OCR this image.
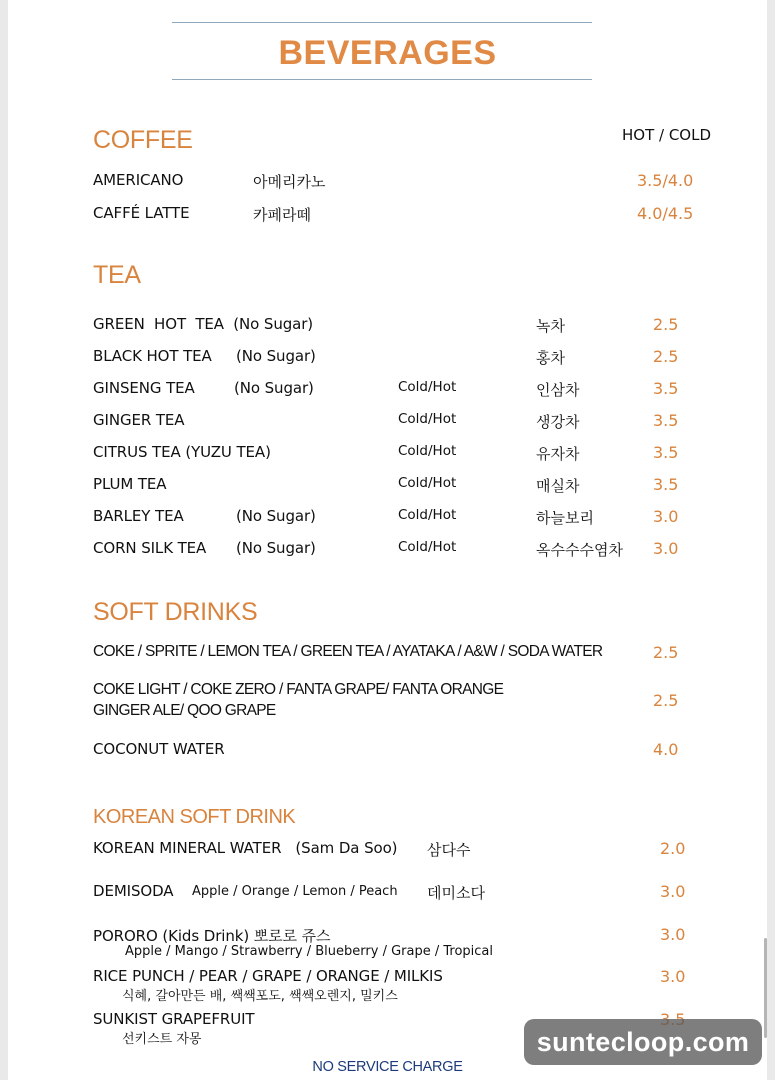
BEVERAGES
COFFEE	HOT / COLD
AMERICANO	아메리카노	3.5/4.0
CAFFÉ LATTE	카페라떼	4.0/4.5
TEA
GREEN  HOT  TEA  (No Sugar)	녹차	2.5
BLACK HOT TEA (No Sugar)	홍차	2.5
GINSENG TEA	(No Sugar)	Cold/Hot	인삼차	3.5
GINGER TEA	Cold/Hot	생강차	3.5
CITRUS TEA (YUZU TEA)	Cold/Hot	유자차	3.5
PLUM TEA	Cold/Hot	매실차	3.5
BARLEY TEA	(No Sugar)	Cold/Hot	하늘보리	3.0
CORN SILK TEA (No Sugar)	Cold/Hot	옥수수수염차 3.0
SOFT DRINKS
COKE / SPRITE / LEMON TEA / GREEN TEA / AYATAKA / A&W / SODA WATER	2.5
COKE LIGHT / COKE ZERO / FANTA GRAPE/ FANTA ORANGE
GINGER ALE/ QOO GRAPE
2.5
COCONUT WATER	4.0
KOREAN SOFT DRINK
KOREAN MINERAL WATER   (Sam Da Soo) 삼다수	2.0
DEMISODA Apple / Orange / Lemon / Peach 데미소다	3.0
PORORO (Kids Drink) 뽀로로 쥬스
Apple / Mango / Strawberry / Blueberry / Grape / Tropical
3.0
RICE PUNCH / PEAR / GRAPE / ORANGE / MILKIS
식혜, 갈아만든 배, 쌕쌕포도, 쌕쌕오렌지, 밀키스
3.0
SUNKIST GRAPEFRUIT
선키스트 자몽
NO SERVICE CHARGE
suntecloop.com
